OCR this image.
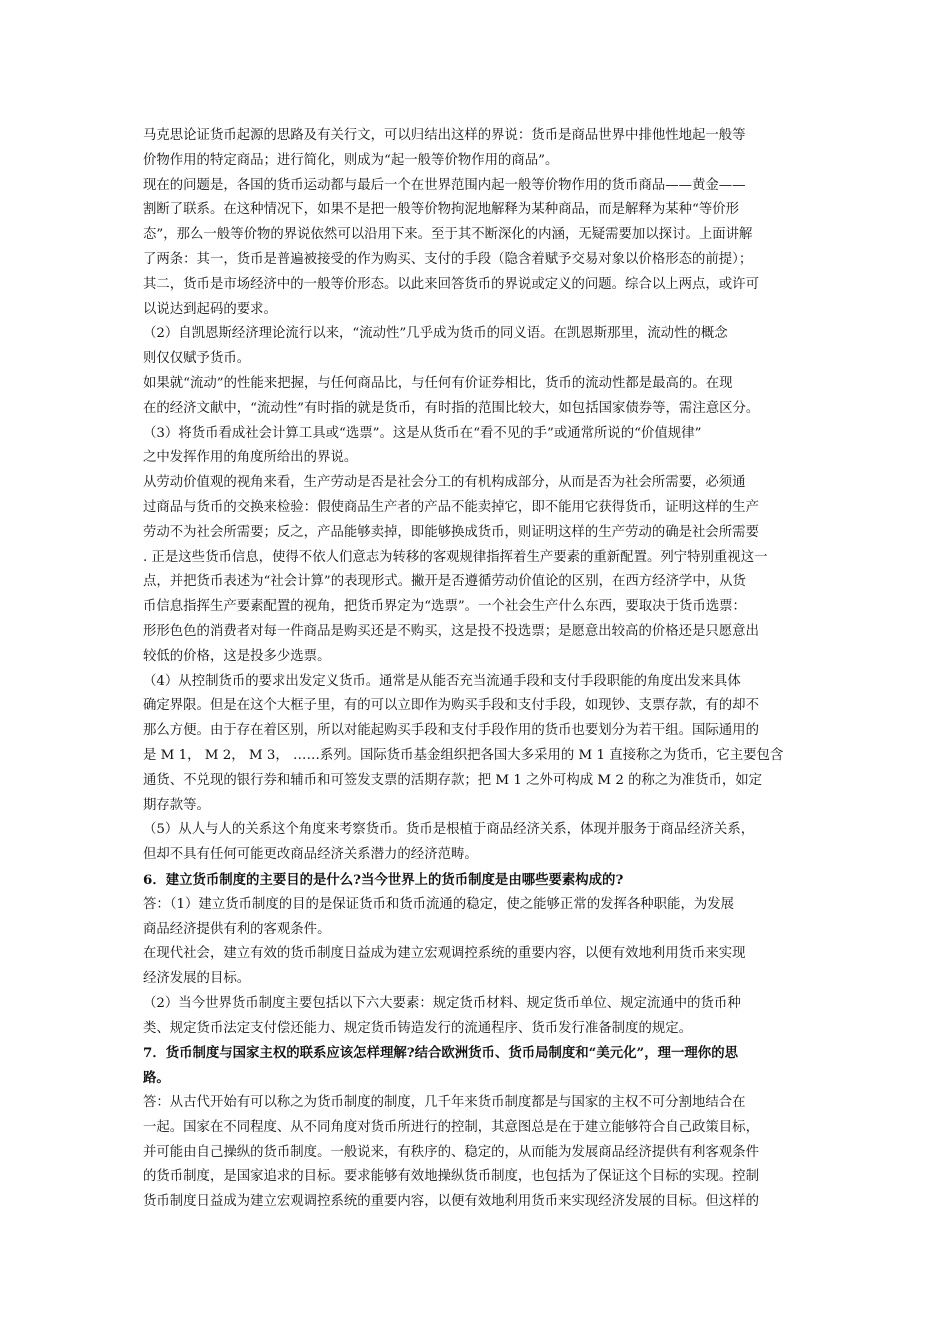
马克思论证货币起源的思路及有关行文，可以归结出这样的界说：货币是商品世界中排他性地起一般等
价物作用的特定商品；进行简化，则成为“起一般等价物作用的商品”。
现在的问题是，各国的货币运动都与最后一个在世界范围内起一般等价物作用的货币商品——黄金——
割断了联系。在这种情况下，如果不是把一般等价物拘泥地解释为某种商品，而是解释为某种“等价形
态”，那么一般等价物的界说依然可以沿用下来。至于其不断深化的内涵，无疑需要加以探讨。上面讲解
了两条：其一，货币是普遍被接受的作为购买、支付的手段（隐含着赋予交易对象以价格形态的前提）；
其二，货币是市场经济中的一般等价形态。以此来回答货币的界说或定义的问题。综合以上两点，或许可
以说达到起码的要求。
（2）自凯恩斯经济理论流行以来，“流动性”几乎成为货币的同义语。在凯恩斯那里，流动性的概念
则仅仅赋予货币。
如果就“流动”的性能来把握，与任何商品比，与任何有价证券相比，货币的流动性都是最高的。在现
在的经济文献中，“流动性”有时指的就是货币，有时指的范围比较大，如包括国家债券等，需注意区分。
（3）将货币看成社会计算工具或“选票”。这是从货币在“看不见的手”或通常所说的“价值规律”
之中发挥作用的角度所给出的界说。
从劳动价值观的视角来看，生产劳动是否是社会分工的有机构成部分，从而是否为社会所需要，必须通
过商品与货币的交换来检验：假使商品生产者的产品不能卖掉它，即不能用它获得货币，证明这样的生产
劳动不为社会所需要；反之，产品能够卖掉，即能够换成货币，则证明这样的生产劳动的确是社会所需要
. 正是这些货币信息，使得不依人们意志为转移的客观规律指挥着生产要素的重新配置。列宁特别重视这一
点，并把货币表述为“社会计算”的表现形式。撇开是否遵循劳动价值论的区别，在西方经济学中，从货
币信息指挥生产要素配置的视角，把货币界定为“选票”。一个社会生产什么东西，要取决于货币选票：
形形色色的消费者对每一件商品是购买还是不购买，这是投不投选票；是愿意出较高的价格还是只愿意出
较低的价格，这是投多少选票。
（4）从控制货币的要求出发定义货币。通常是从能否充当流通手段和支付手段职能的角度出发来具体
确定界限。但是在这个大框子里，有的可以立即作为购买手段和支付手段，如现钞、支票存款，有的却不
那么方便。由于存在着区别，所以对能起购买手段和支付手段作用的货币也要划分为若干组。国际通用的
是 M 1， M 2， M 3， ……系列。国际货币基金组织把各国大多采用的 M 1 直接称之为货币，它主要包含
通货、不兑现的银行券和辅币和可签发支票的活期存款；把 M 1 之外可构成 M 2 的称之为准货币，如定
期存款等。
（5）从人与人的关系这个角度来考察货币。货币是根植于商品经济关系，体现并服务于商品经济关系，
但却不具有任何可能更改商品经济关系潜力的经济范畴。
6．建立货币制度的主要目的是什么?当今世界上的货币制度是由哪些要素构成的?
答：（1）建立货币制度的目的是保证货币和货币流通的稳定，使之能够正常的发挥各种职能，为发展
商品经济提供有利的客观条件。
在现代社会，建立有效的货币制度日益成为建立宏观调控系统的重要内容，以便有效地利用货币来实现
经济发展的目标。
（2）当今世界货币制度主要包括以下六大要素：规定货币材料、规定货币单位、规定流通中的货币种
类、规定货币法定支付偿还能力、规定货币铸造发行的流通程序、货币发行准备制度的规定。
7．货币制度与国家主权的联系应该怎样理解?结合欧洲货币、货币局制度和“美元化”，理一理你的思
路。
答：从古代开始有可以称之为货币制度的制度，几千年来货币制度都是与国家的主权不可分割地结合在
一起。国家在不同程度、从不同角度对货币所进行的控制，其意图总是在于建立能够符合自己政策目标，
并可能由自己操纵的货币制度。一般说来，有秩序的、稳定的，从而能为发展商品经济提供有利客观条件
的货币制度，是国家追求的目标。要求能够有效地操纵货币制度，也包括为了保证这个目标的实现。控制
货币制度日益成为建立宏观调控系统的重要内容，以便有效地利用货币来实现经济发展的目标。但这样的
